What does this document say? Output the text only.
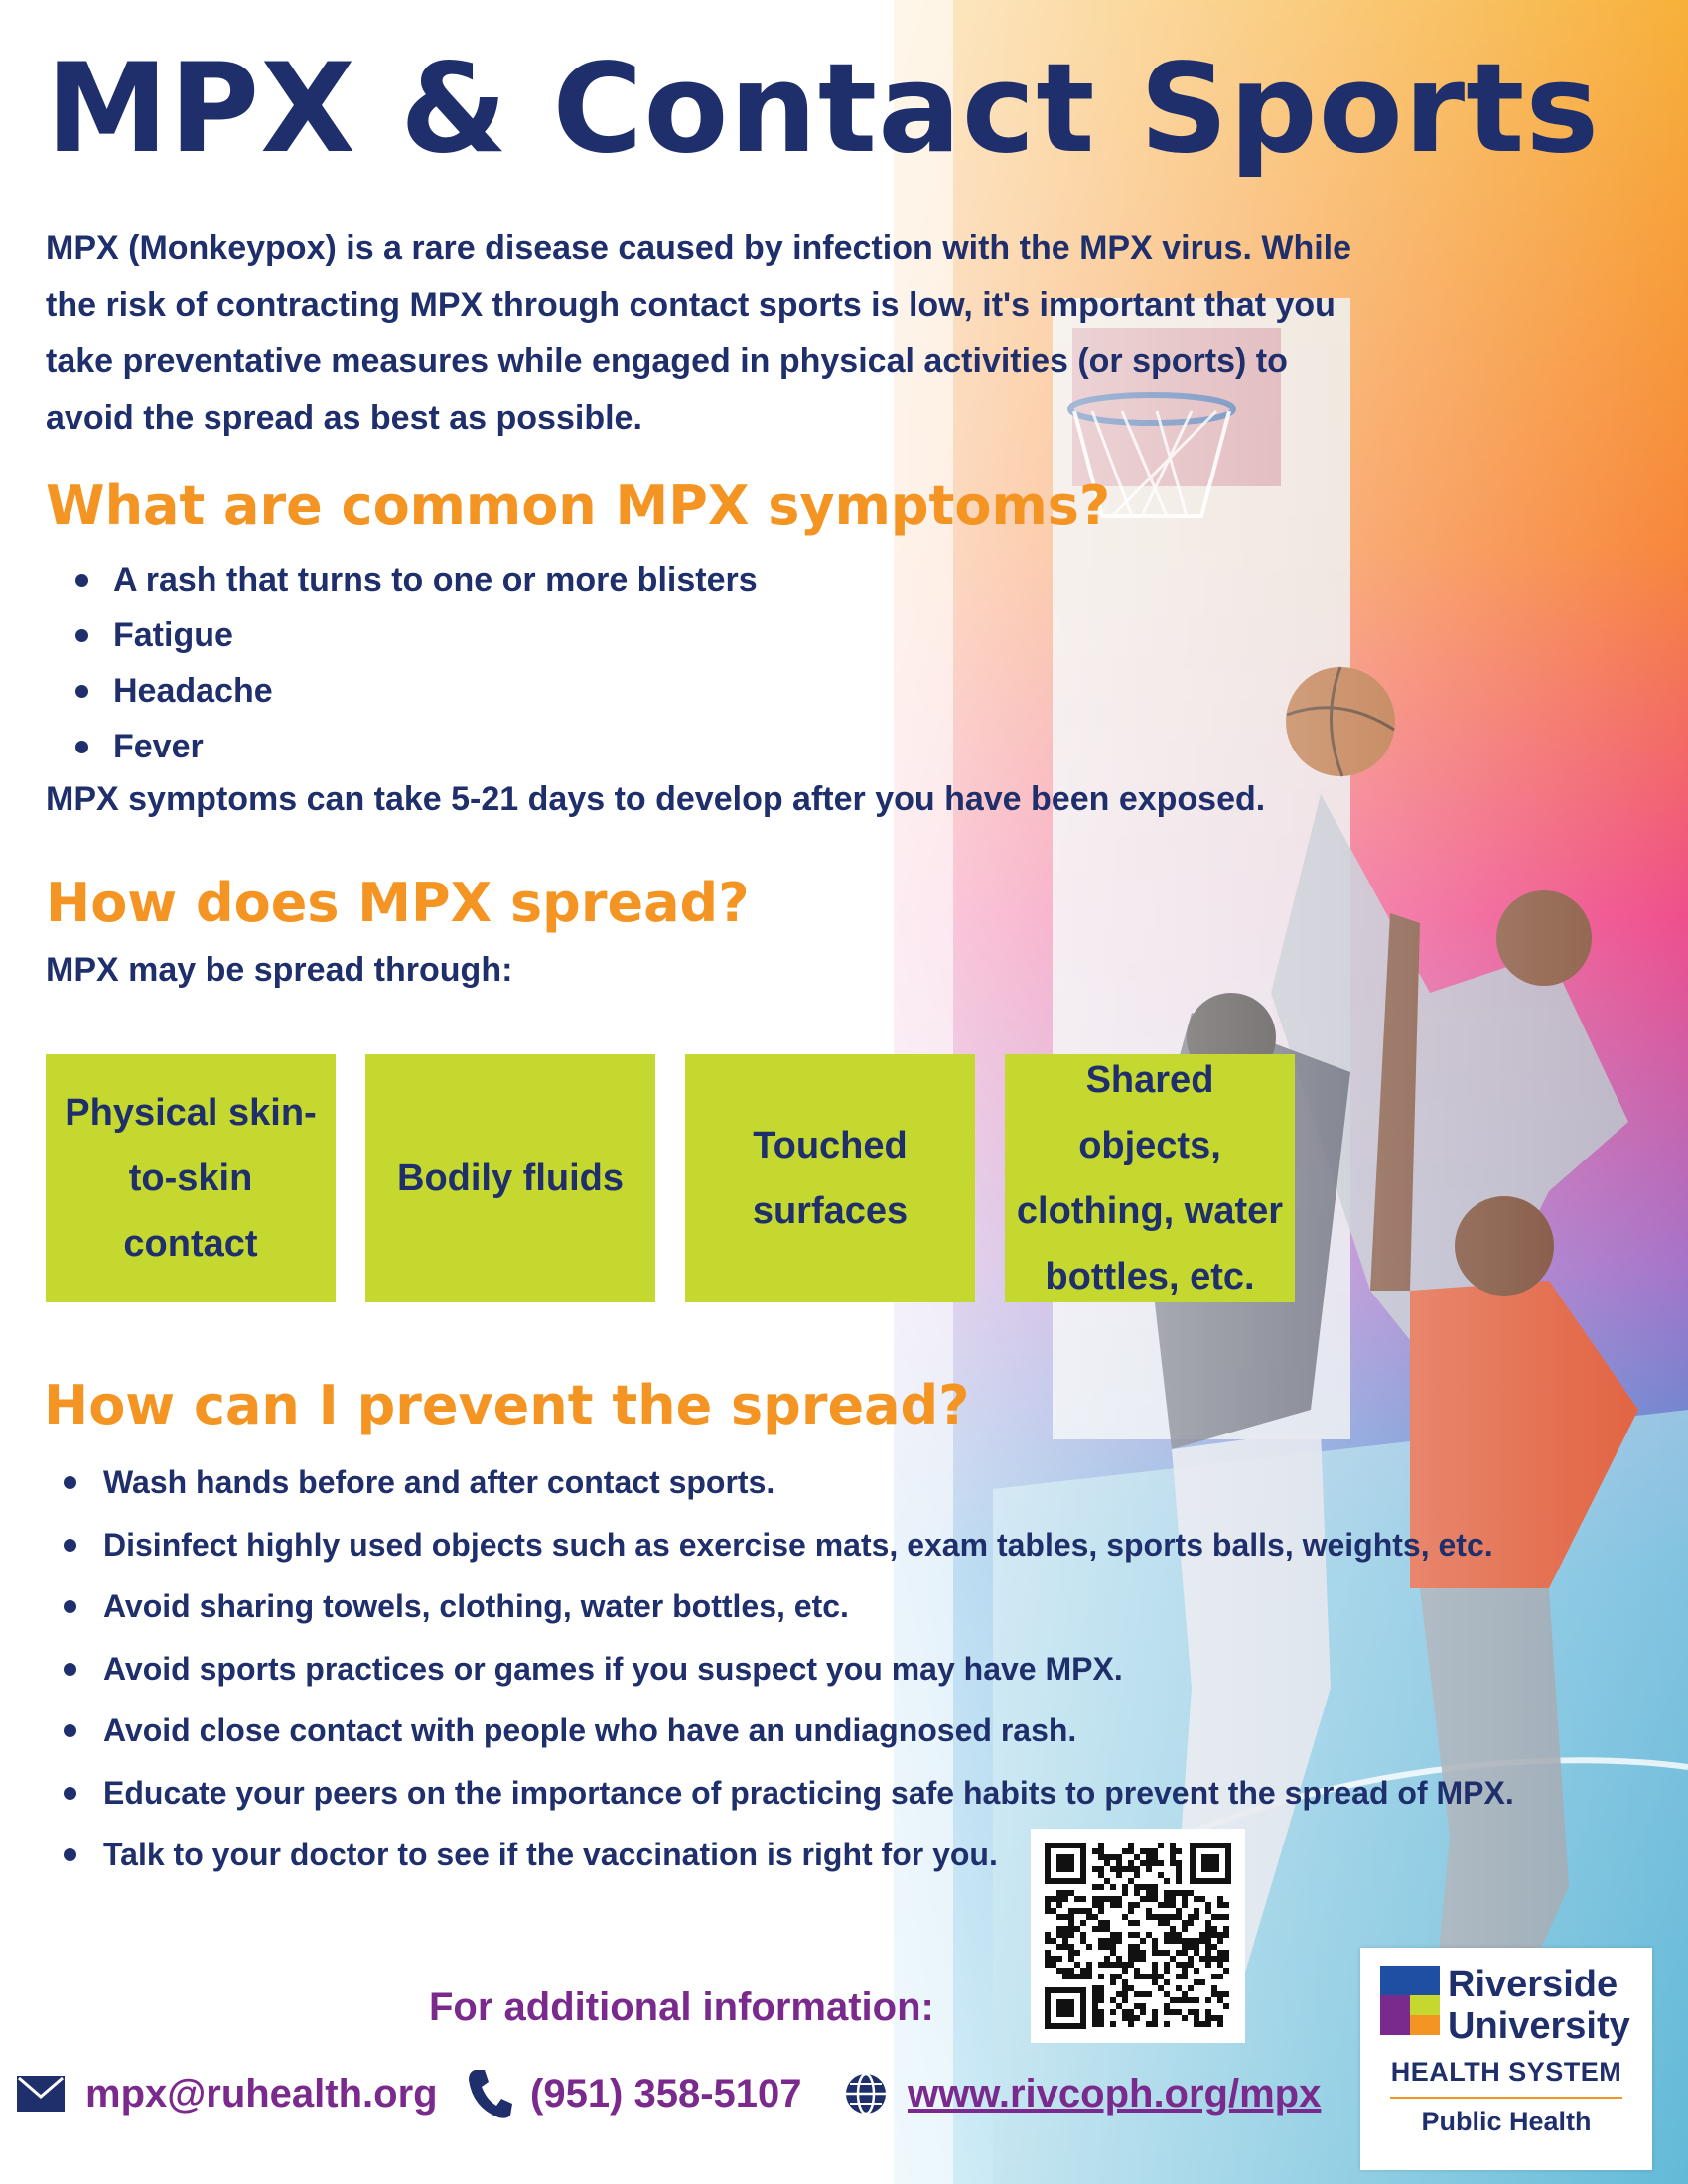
MPX & Contact Sports
MPX (Monkeypox) is a rare disease caused by infection with the MPX virus. While the risk of contracting MPX through contact sports is low, it's important that you take preventative measures while engaged in physical activities (or sports) to avoid the spread as best as possible.
What are common MPX symptoms?
A rash that turns to one or more blisters
Fatigue
Headache
Fever
MPX symptoms can take 5-21 days to develop after you have been exposed.
How does MPX spread?
MPX may be spread through:
Physical skin-to-skin contact
Bodily fluids
Touched surfaces
Shared objects, clothing, water bottles, etc.
How can I prevent the spread?
Wash hands before and after contact sports.
Disinfect highly used objects such as exercise mats, exam tables, sports balls, weights, etc.
Avoid sharing towels, clothing, water bottles, etc.
Avoid sports practices or games if you suspect you may have MPX.
Avoid close contact with people who have an undiagnosed rash.
Educate your peers on the importance of practicing safe habits to prevent the spread of MPX.
Talk to your doctor to see if the vaccination is right for you.
Riverside
University
HEALTH SYSTEM
Public Health
For additional information:
mpx@ruhealth.org (951) 358-5107	www.rivcoph.org/mpx
